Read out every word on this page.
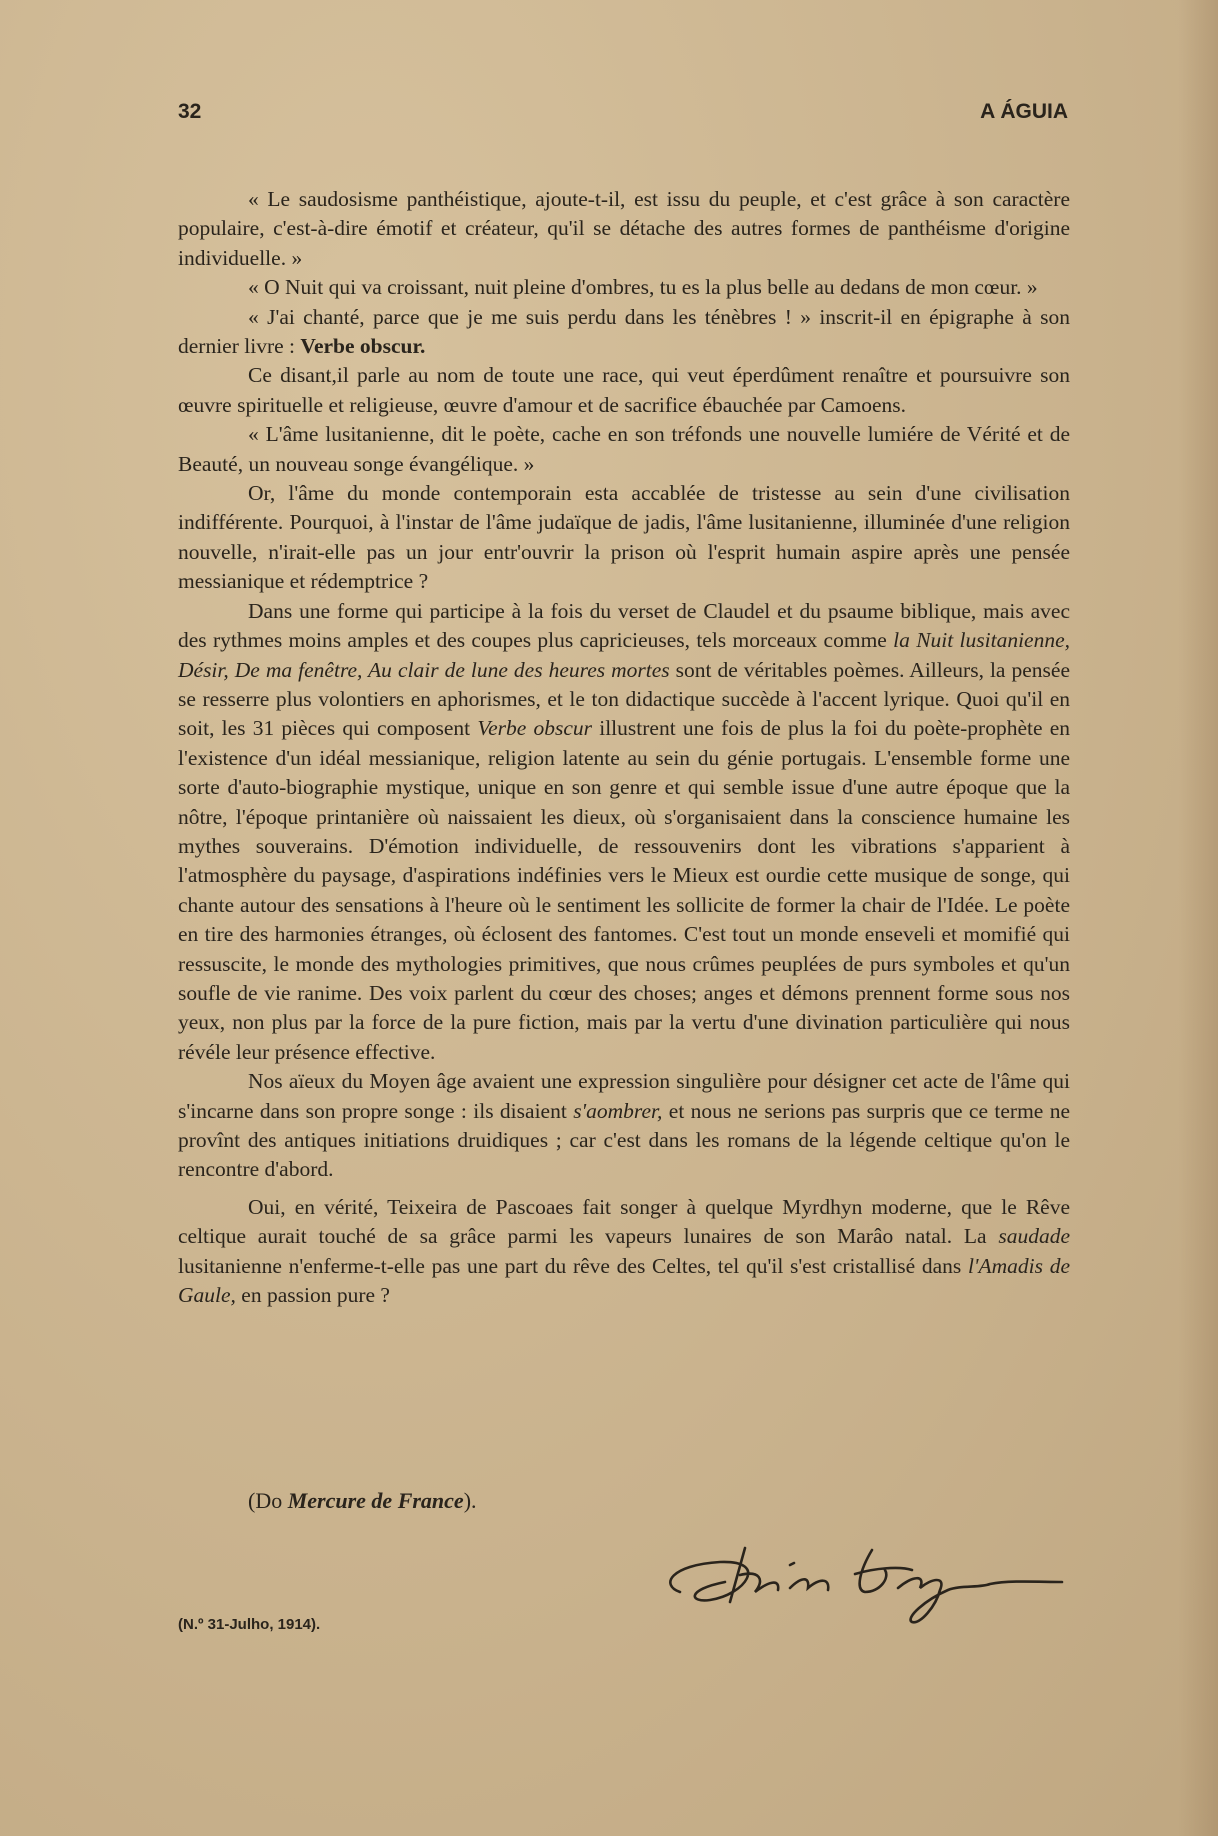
32	A ÁGUIA

« Le saudosisme panthéistique, ajoute-t-il, est issu du peuple, et c'est grâce à son caractère populaire, c'est-à-dire émotif et créateur, qu'il se détache des autres formes de panthéisme d'origine individuelle. »

« O Nuit qui va croissant, nuit pleine d'ombres, tu es la plus belle au dedans de mon cœur. »

« J'ai chanté, parce que je me suis perdu dans les ténèbres ! » inscrit-il en épigraphe à son dernier livre : Verbe obscur.

Ce disant,il parle au nom de toute une race, qui veut éperdûment renaître et poursuivre son œuvre spirituelle et religieuse, œuvre d'amour et de sacrifice ébauchée par Camoens.

« L'âme lusitanienne, dit le poète, cache en son tréfonds une nouvelle lumiére de Vérité et de Beauté, un nouveau songe évangélique. »

Or, l'âme du monde contemporain esta accablée de tristesse au sein d'une civilisation indifférente. Pourquoi, à l'instar de l'âme judaïque de jadis, l'âme lusitanienne, illuminée d'une religion nouvelle, n'irait-elle pas un jour entr'ouvrir la prison où l'esprit humain aspire après une pensée messianique et rédemptrice ?

Dans une forme qui participe à la fois du verset de Claudel et du psaume biblique, mais avec des rythmes moins amples et des coupes plus capricieuses, tels morceaux comme la Nuit lusitanienne, Désir, De ma fenêtre, Au clair de lune des heures mortes sont de véritables poèmes. Ailleurs, la pensée se resserre plus volontiers en aphorismes, et le ton didactique succède à l'accent lyrique. Quoi qu'il en soit, les 31 pièces qui composent Verbe obscur illustrent une fois de plus la foi du poète-prophète en l'existence d'un idéal messianique, religion latente au sein du génie portugais. L'ensemble forme une sorte d'auto-biographie mystique, unique en son genre et qui semble issue d'une autre époque que la nôtre, l'époque printanière où naissaient les dieux, où s'organisaient dans la conscience humaine les mythes souverains. D'émotion individuelle, de ressouvenirs dont les vibrations s'apparient à l'atmosphère du paysage, d'aspirations indéfinies vers le Mieux est ourdie cette musique de songe, qui chante autour des sensations à l'heure où le sentiment les sollicite de former la chair de l'Idée. Le poète en tire des harmonies étranges, où éclosent des fantomes. C'est tout un monde enseveli et momifié qui ressuscite, le monde des mythologies primitives, que nous crûmes peuplées de purs symboles et qu'un soufle de vie ranime. Des voix parlent du cœur des choses; anges et démons prennent forme sous nos yeux, non plus par la force de la pure fiction, mais par la vertu d'une divination particulière qui nous révéle leur présence effective.

Nos aïeux du Moyen âge avaient une expression singulière pour désigner cet acte de l'âme qui s'incarne dans son propre songe : ils disaient s'aombrer, et nous ne serions pas surpris que ce terme ne provînt des antiques initiations druidiques ; car c'est dans les romans de la légende celtique qu'on le rencontre d'abord.

Oui, en vérité, Teixeira de Pascoaes fait songer à quelque Myrdhyn moderne, que le Rêve celtique aurait touché de sa grâce parmi les vapeurs lunaires de son Marâo natal. La saudade lusitanienne n'enferme-t-elle pas une part du rêve des Celtes, tel qu'il s'est cristallisé dans l'Amadis de Gaule, en passion pure ?

(Do Mercure de France).
(N.º 31-Julho, 1914).
